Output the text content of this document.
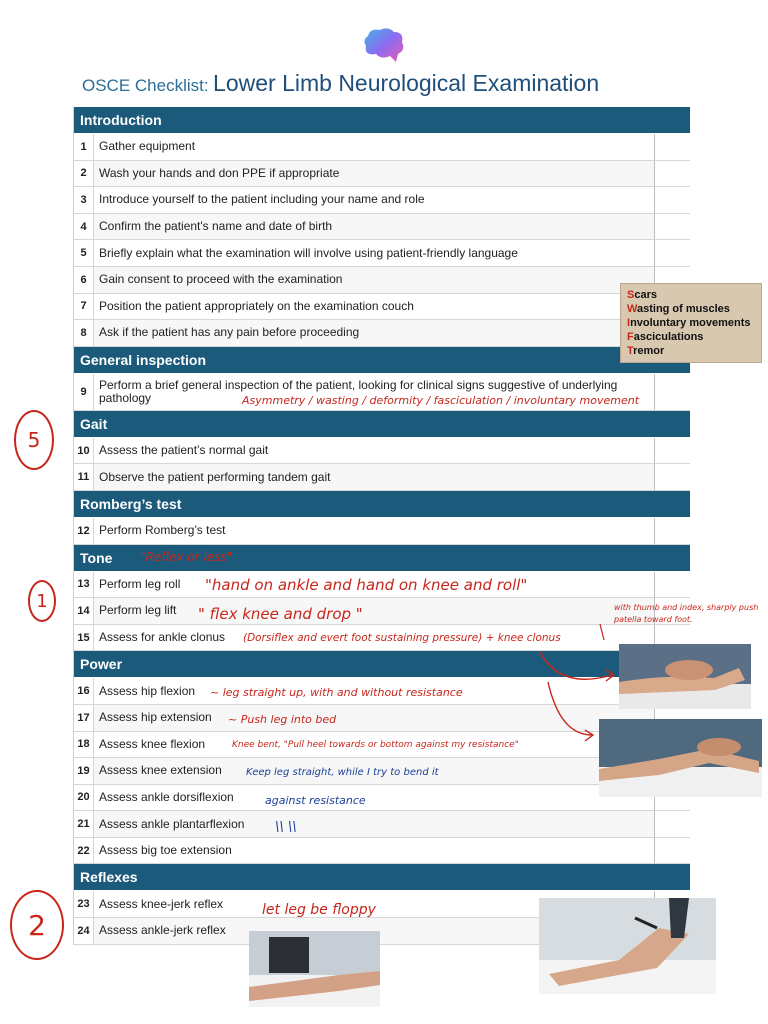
OSCE Checklist: Lower Limb Neurological Examination
Introduction
1	Gather equipment
2	Wash your hands and don PPE if appropriate
3	Introduce yourself to the patient including your name and role
4	Confirm the patient's name and date of birth
5	Briefly explain what the examination will involve using patient-friendly language
6	Gain consent to proceed with the examination
7	Position the patient appropriately on the examination couch
8	Ask if the patient has any pain before proceeding
General inspection
9	Perform a brief general inspection of the patient, looking for clinical signs suggestive of underlying pathology
Gait
10 Assess the patient’s normal gait
11 Observe the patient performing tandem gait
Romberg’s test
12 Perform Romberg’s test
Tone
13 Perform leg roll
14 Perform leg lift
15 Assess for ankle clonus
Power
16 Assess hip flexion
17 Assess hip extension
18 Assess knee flexion
19 Assess knee extension
20 Assess ankle dorsiflexion
21 Assess ankle plantarflexion
22 Assess big toe extension
Reflexes
23 Assess knee-jerk reflex
24 Assess ankle-jerk reflex
Scars
Wasting of muscles
Involuntary movements
Fasciculations
Tremor
Asymmetry / wasting / deformity / fasciculation / involuntary movement
"Reflex or less"
"hand on ankle and hand on knee and roll"
" flex knee and drop "
(Dorsiflex and evert foot sustaining pressure) + knee clonus
with thumb and index, sharply push patella toward foot.
~ leg straight up, with and without resistance
~ Push leg into bed
Knee bent, "Pull heel towards or bottom against my resistance"
Keep leg straight, while I try to bend it
against resistance
\\ \\
let leg be floppy
5
1
2
